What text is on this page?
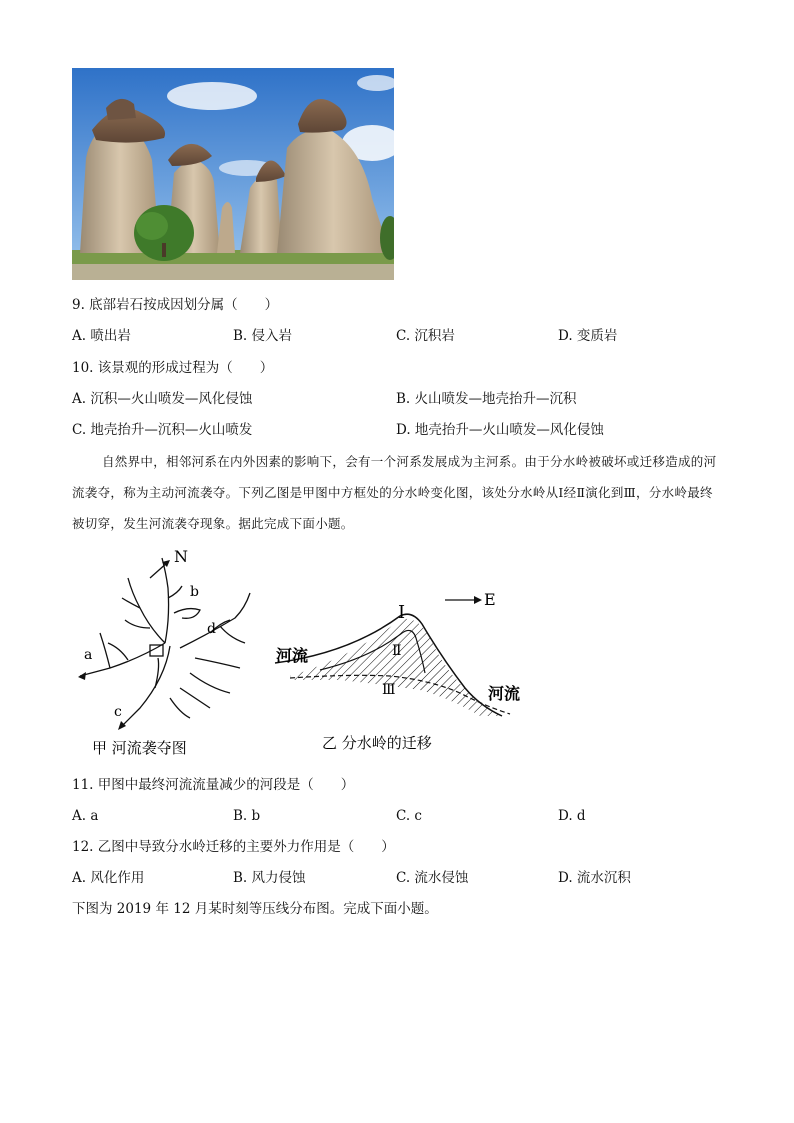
9. 底部岩石按成因划分属（　　）
A. 喷出岩	B. 侵入岩	C. 沉积岩	D. 变质岩
10. 该景观的形成过程为（　　）
A. 沉积—火山喷发—风化侵蚀	B. 火山喷发—地壳抬升—沉积
C. 地壳抬升—沉积—火山喷发	D. 地壳抬升—火山喷发—风化侵蚀
自然界中，相邻河系在内外因素的影响下，会有一个河系发展成为主河系。由于分水岭被破坏或迁移造成的河流袭夺，称为主动河流袭夺。下列乙图是甲图中方框处的分水岭变化图，该处分水岭从Ⅰ经Ⅱ演化到Ⅲ，分水岭最终被切穿，发生河流袭夺现象。据此完成下面小题。
N
a
b
c
d
甲 河流袭夺图
E
Ⅰ
Ⅱ
Ⅲ
河流
河流
乙 分水岭的迁移
11. 甲图中最终河流流量减少的河段是（　　）
A. a	B. b	C. c	D. d
12. 乙图中导致分水岭迁移的主要外力作用是（　　）
A. 风化作用	B. 风力侵蚀	C. 流水侵蚀	D. 流水沉积
下图为 2019 年 12 月某时刻等压线分布图。完成下面小题。
